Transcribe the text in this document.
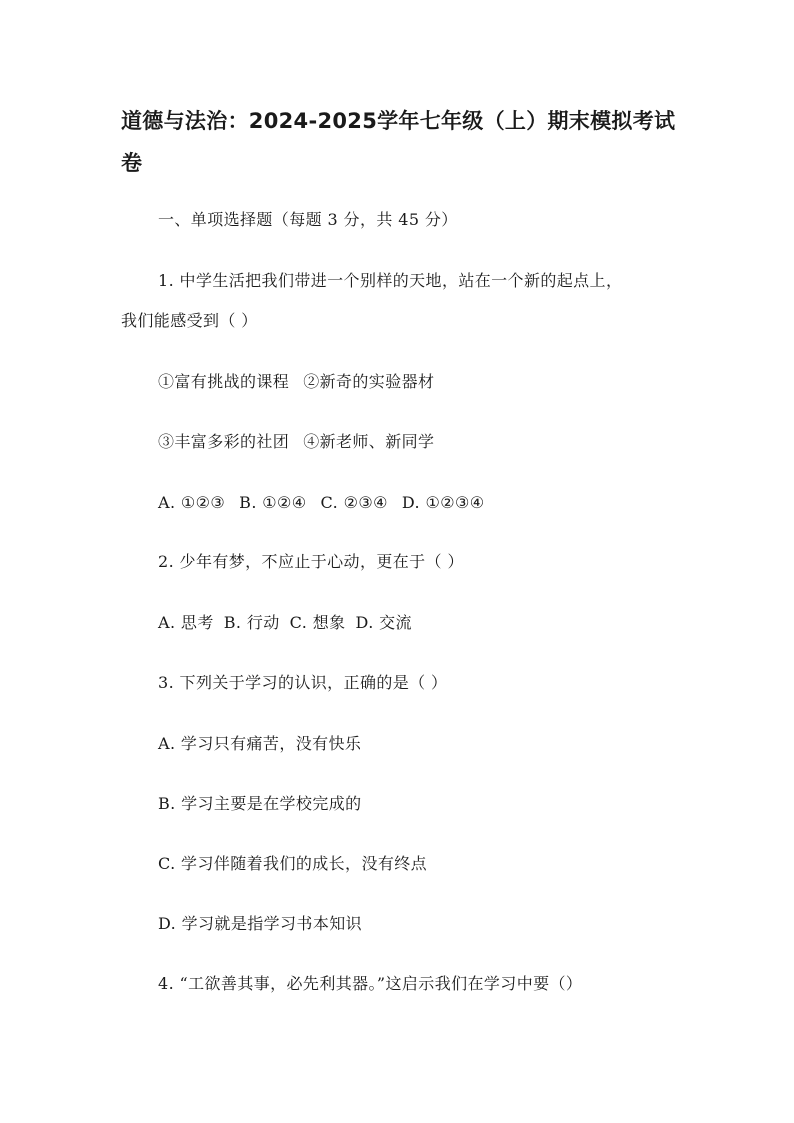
道德与法治：2024-2025学年七年级（上）期末模拟考试卷
一、单项选择题（每题 3 分，共 45 分）
1. 中学生活把我们带进一个别样的天地，站在一个新的起点上，
我们能感受到（ ）
①富有挑战的课程 ②新奇的实验器材
③丰富多彩的社团 ④新老师、新同学
A. ①②③ B. ①②④ C. ②③④ D. ①②③④
2. 少年有梦，不应止于心动，更在于（ ）
A. 思考 B. 行动 C. 想象 D. 交流
3. 下列关于学习的认识，正确的是（ ）
A. 学习只有痛苦，没有快乐
B. 学习主要是在学校完成的
C. 学习伴随着我们的成长，没有终点
D. 学习就是指学习书本知识
4. “工欲善其事，必先利其器。”这启示我们在学习中要（）
